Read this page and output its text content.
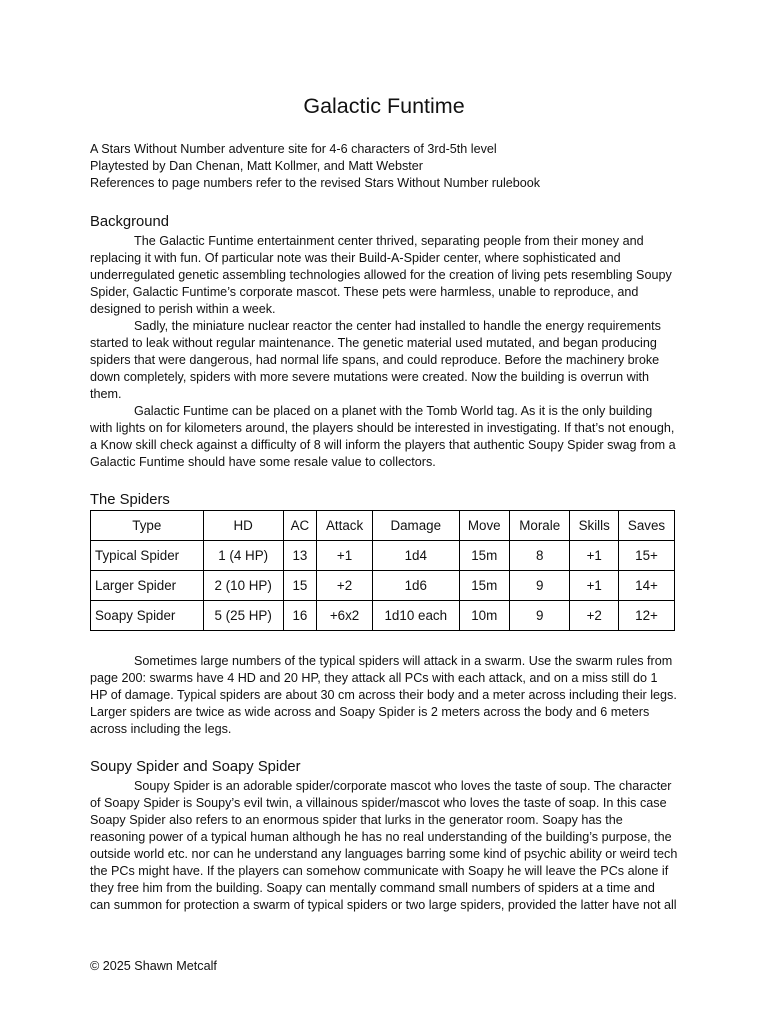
Galactic Funtime
A Stars Without Number adventure site for 4-6 characters of 3rd-5th level
Playtested by Dan Chenan, Matt Kollmer, and Matt Webster
References to page numbers refer to the revised Stars Without Number rulebook
Background

The Galactic Funtime entertainment center thrived, separating people from their money and replacing it with fun. Of particular note was their Build-A-Spider center, where sophisticated and underregulated genetic assembling technologies allowed for the creation of living pets resembling Soupy Spider, Galactic Funtime’s corporate mascot. These pets were harmless, unable to reproduce, and designed to perish within a week.

Sadly, the miniature nuclear reactor the center had installed to handle the energy requirements started to leak without regular maintenance. The genetic material used mutated, and began producing spiders that were dangerous, had normal life spans, and could reproduce. Before the machinery broke down completely, spiders with more severe mutations were created. Now the building is overrun with them.

Galactic Funtime can be placed on a planet with the Tomb World tag. As it is the only building with lights on for kilometers around, the players should be interested in investigating. If that’s not enough, a Know skill check against a difficulty of 8 will inform the players that authentic Soupy Spider swag from a Galactic Funtime should have some resale value to collectors.

The Spiders
Type	HD	AC	Attack	Damage	Move	Morale	Skills	Saves
Typical Spider	1 (4 HP)	13	+1	1d4	15m	8	+1	15+
Larger Spider	2 (10 HP)	15	+2	1d6	15m	9	+1	14+
Soapy Spider	5 (25 HP)	16	+6x2	1d10 each	10m	9	+2	12+

Sometimes large numbers of the typical spiders will attack in a swarm. Use the swarm rules from page 200: swarms have 4 HD and 20 HP, they attack all PCs with each attack, and on a miss still do 1 HP of damage. Typical spiders are about 30 cm across their body and a meter across including their legs. Larger spiders are twice as wide across and Soapy Spider is 2 meters across the body and 6 meters across including the legs.

Soupy Spider and Soapy Spider

Soupy Spider is an adorable spider/corporate mascot who loves the taste of soup. The character of Soapy Spider is Soupy’s evil twin, a villainous spider/mascot who loves the taste of soap. In this case Soapy Spider also refers to an enormous spider that lurks in the generator room. Soapy has the reasoning power of a typical human although he has no real understanding of the building’s purpose, the outside world etc. nor can he understand any languages barring some kind of psychic ability or weird tech the PCs might have. If the players can somehow communicate with Soapy he will leave the PCs alone if they free him from the building. Soapy can mentally command small numbers of spiders at a time and can summon for protection a swarm of typical spiders or two large spiders, provided the latter have not all

© 2025 Shawn Metcalf
